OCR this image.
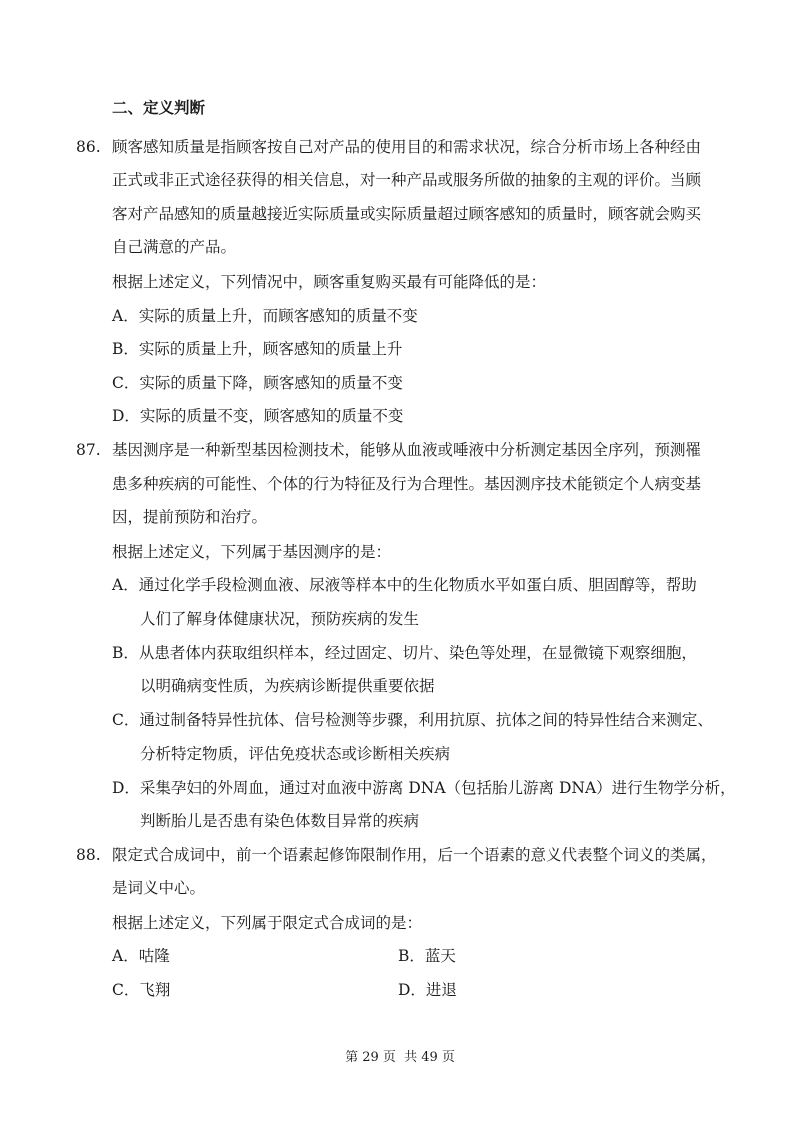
二、定义判断
86. 顾客感知质量是指顾客按自己对产品的使用目的和需求状况，综合分析市场上各种经由
正式或非正式途径获得的相关信息，对一种产品或服务所做的抽象的主观的评价。当顾
客对产品感知的质量越接近实际质量或实际质量超过顾客感知的质量时，顾客就会购买
自己满意的产品。
根据上述定义，下列情况中，顾客重复购买最有可能降低的是：
A．实际的质量上升，而顾客感知的质量不变
B．实际的质量上升，顾客感知的质量上升
C．实际的质量下降，顾客感知的质量不变
D．实际的质量不变，顾客感知的质量不变
87. 基因测序是一种新型基因检测技术，能够从血液或唾液中分析测定基因全序列，预测罹
患多种疾病的可能性、个体的行为特征及行为合理性。基因测序技术能锁定个人病变基
因，提前预防和治疗。
根据上述定义，下列属于基因测序的是：
A．通过化学手段检测血液、尿液等样本中的生化物质水平如蛋白质、胆固醇等，帮助
人们了解身体健康状况，预防疾病的发生
B．从患者体内获取组织样本，经过固定、切片、染色等处理，在显微镜下观察细胞，
以明确病变性质，为疾病诊断提供重要依据
C．通过制备特异性抗体、信号检测等步骤，利用抗原、抗体之间的特异性结合来测定、
分析特定物质，评估免疫状态或诊断相关疾病
D．采集孕妇的外周血，通过对血液中游离 DNA（包括胎儿游离 DNA）进行生物学分析，
判断胎儿是否患有染色体数目异常的疾病
88. 限定式合成词中，前一个语素起修饰限制作用，后一个语素的意义代表整个词义的类属，
是词义中心。
根据上述定义，下列属于限定式合成词的是：
A．咕隆	B．蓝天
C．飞翔	D．进退
第 29 页 共 49 页
